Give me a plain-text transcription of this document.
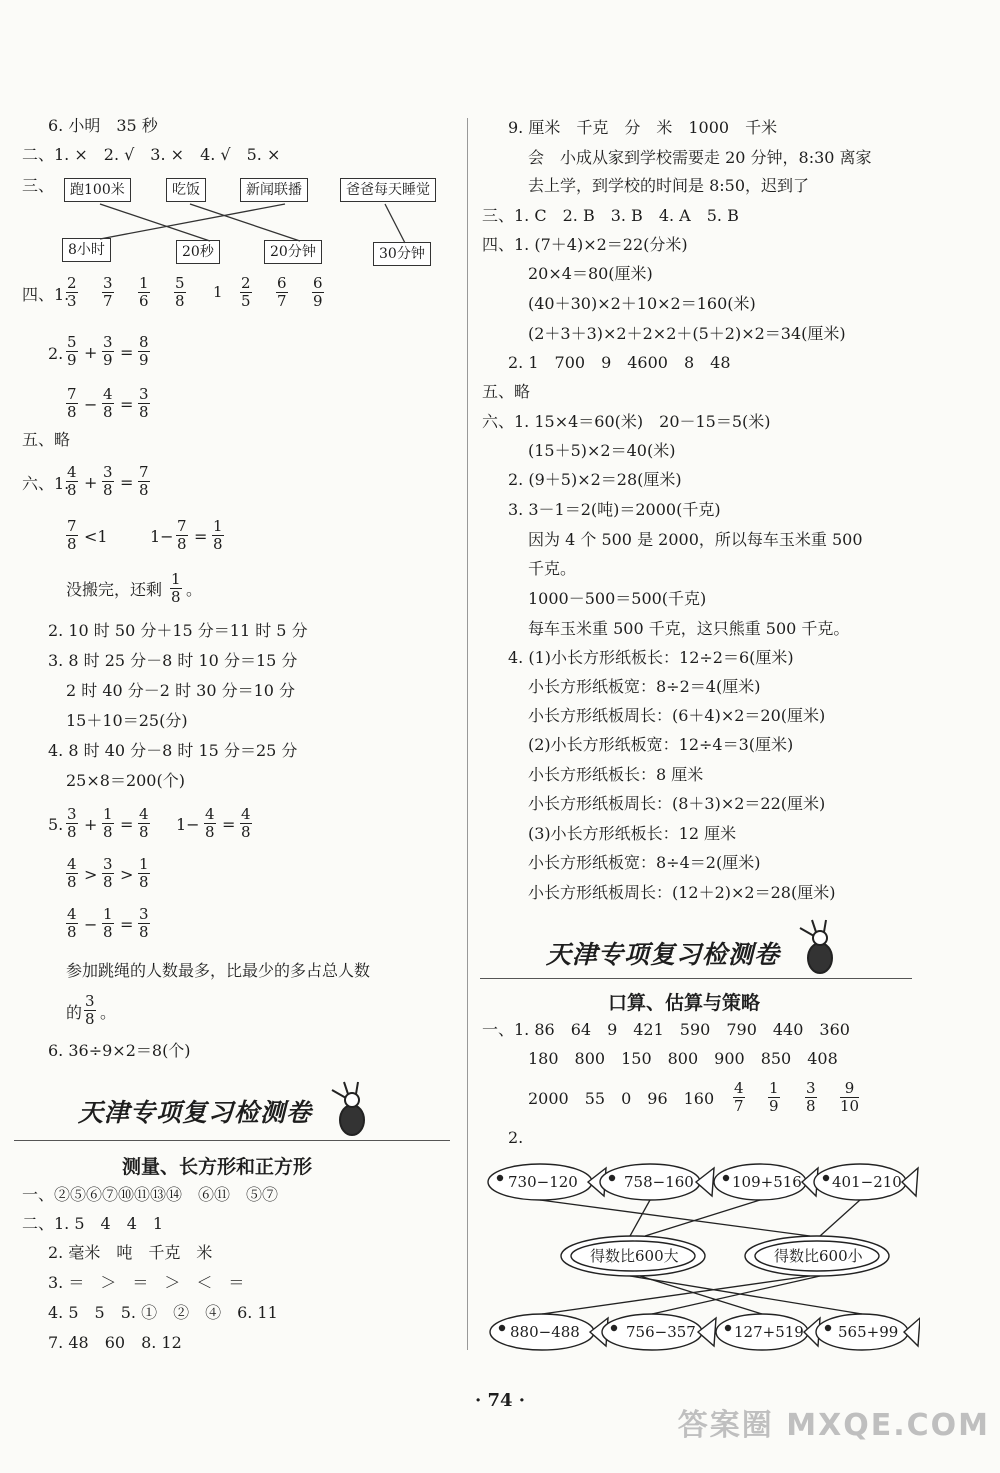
6. 小明　35 秒
二、1. ×　2. √　3. ×　4. √　5. ×
三、	跑100米	吃饭	新闻联播	爸爸每天睡觉
8小时	20秒	20分钟	30分钟
四、1.
$\frac{2}{3} \frac{3}{7} \frac{1}{6} \frac{5}{8} 1 \frac{2}{5} \frac{6}{7} \frac{6}{9}$
2. $\frac{5}{9} + \frac{3}{9} = \frac{8}{9}$
$\frac{7}{8} - \frac{4}{8} = \frac{3}{8}$
五、略
六、1.
$\frac{4}{8} + \frac{3}{8} = \frac{7}{8}$
$\frac{7}{8} <1$	$1- \frac{7}{8} = \frac{1}{8}$
没搬完，还剩 $\frac{1}{8}$ 。
2. 10 时 50 分＋15 分＝11 时 5 分
3. 8 时 25 分－8 时 10 分＝15 分
2 时 40 分－2 时 30 分＝10 分
15＋10＝25(分)
4. 8 时 40 分－8 时 15 分＝25 分
25×8＝200(个)
5. $\frac{3}{8} + \frac{1}{8} = \frac{4}{8} 1- \frac{4}{8} = \frac{4}{8}$
$\frac{4}{8} > \frac{3}{8} > \frac{1}{8}$
$\frac{4}{8} - \frac{1}{8} = \frac{3}{8}$
参加跳绳的人数最多，比最少的多占总人数
的 $\frac{3}{8}$ 。
6. 36÷9×2＝8(个)
天津专项复习检测卷
测量、长方形和正方形
一、②⑤⑥⑦⑩⑪⑬⑭　⑥⑪　⑤⑦
二、1. 5　4　4　1
2. 毫米　吨　千克　米
3. ＝　＞　＝　＞　＜　＝
4. 5　5　5. ①　②　④　6. 11
7. 48　60　8. 12
9. 厘米　千克　分　米　1000　千米
会　小成从家到学校需要走 20 分钟，8:30 离家
去上学，到学校的时间是 8:50，迟到了
三、1. C　2. B　3. B　4. A　5. B
四、1. (7＋4)×2＝22(分米)
20×4＝80(厘米)
(40＋30)×2＋10×2＝160(米)
(2＋3＋3)×2＋2×2＋(5＋2)×2＝34(厘米)
2. 1　700　9　4600　8　48
五、略
六、1. 15×4＝60(米)　20－15＝5(米)
(15＋5)×2＝40(米)
2. (9＋5)×2＝28(厘米)
3. 3－1＝2(吨)＝2000(千克)
因为 4 个 500 是 2000，所以每车玉米重 500
千克。
1000－500＝500(千克)
每车玉米重 500 千克，这只熊重 500 千克。
4. (1)小长方形纸板长：12÷2＝6(厘米)
小长方形纸板宽：8÷2＝4(厘米)
小长方形纸板周长：(6＋4)×2＝20(厘米)
(2)小长方形纸板宽：12÷4＝3(厘米)
小长方形纸板长：8 厘米
小长方形纸板周长：(8＋3)×2＝22(厘米)
(3)小长方形纸板长：12 厘米
小长方形纸板宽：8÷4＝2(厘米)
小长方形纸板周长：(12＋2)×2＝28(厘米)
天津专项复习检测卷
口算、估算与策略
一、1. 86　64　9　421　590　790　440　360
180　800　150　800　900　850　408
2000　55　0　96　$160 \frac{4}{7} \frac{1}{9} \frac{3}{8} \frac{9}{10}$
2.
730−120	758−160	109+516 401−210
得数比600大	得数比600小
880−488	756−357	127+519 565+99
· 74 ·
答案圈 MXQE.COM
